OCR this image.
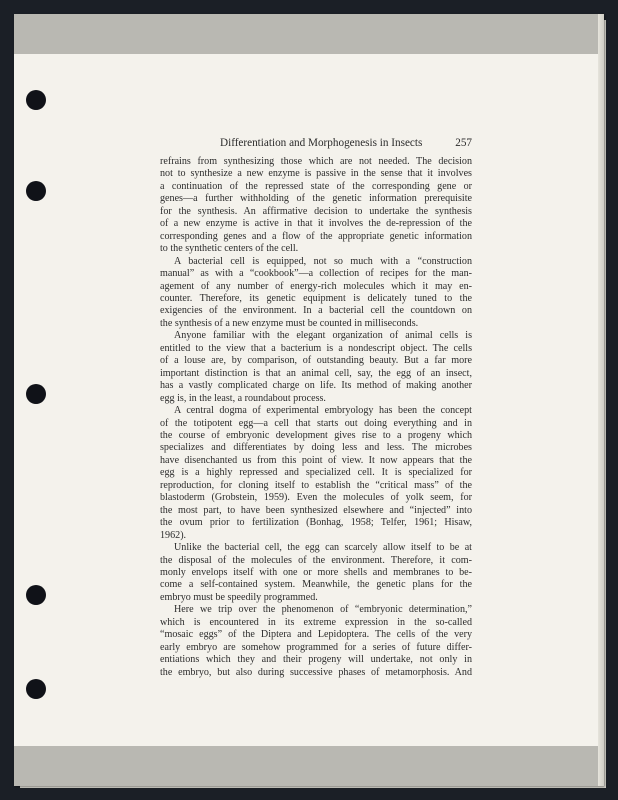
Differentiation and Morphogenesis in Insects	257
refrains from synthesizing those which are not needed. The decision
not to synthesize a new enzyme is passive in the sense that it involves
a continuation of the repressed state of the corresponding gene or
genes—a further withholding of the genetic information prerequisite
for the synthesis. An affirmative decision to undertake the synthesis
of a new enzyme is active in that it involves the de-repression of the
corresponding genes and a flow of the appropriate genetic information
to the synthetic centers of the cell.
A bacterial cell is equipped, not so much with a “construction
manual” as with a “cookbook”—a collection of recipes for the man-
agement of any number of energy-rich molecules which it may en-
counter. Therefore, its genetic equipment is delicately tuned to the
exigencies of the environment. In a bacterial cell the countdown on
the synthesis of a new enzyme must be counted in milliseconds.
Anyone familiar with the elegant organization of animal cells is
entitled to the view that a bacterium is a nondescript object. The cells
of a louse are, by comparison, of outstanding beauty. But a far more
important distinction is that an animal cell, say, the egg of an insect,
has a vastly complicated charge on life. Its method of making another
egg is, in the least, a roundabout process.
A central dogma of experimental embryology has been the concept
of the totipotent egg—a cell that starts out doing everything and in
the course of embryonic development gives rise to a progeny which
specializes and differentiates by doing less and less. The microbes
have disenchanted us from this point of view. It now appears that the
egg is a highly repressed and specialized cell. It is specialized for
reproduction, for cloning itself to establish the “critical mass” of the
blastoderm (Grobstein, 1959). Even the molecules of yolk seem, for
the most part, to have been synthesized elsewhere and “injected” into
the ovum prior to fertilization (Bonhag, 1958; Telfer, 1961; Hisaw,
1962).
Unlike the bacterial cell, the egg can scarcely allow itself to be at
the disposal of the molecules of the environment. Therefore, it com-
monly envelops itself with one or more shells and membranes to be-
come a self-contained system. Meanwhile, the genetic plans for the
embryo must be speedily programmed.
Here we trip over the phenomenon of “embryonic determination,”
which is encountered in its extreme expression in the so-called
“mosaic eggs” of the Diptera and Lepidoptera. The cells of the very
early embryo are somehow programmed for a series of future differ-
entiations which they and their progeny will undertake, not only in
the embryo, but also during successive phases of metamorphosis. And
